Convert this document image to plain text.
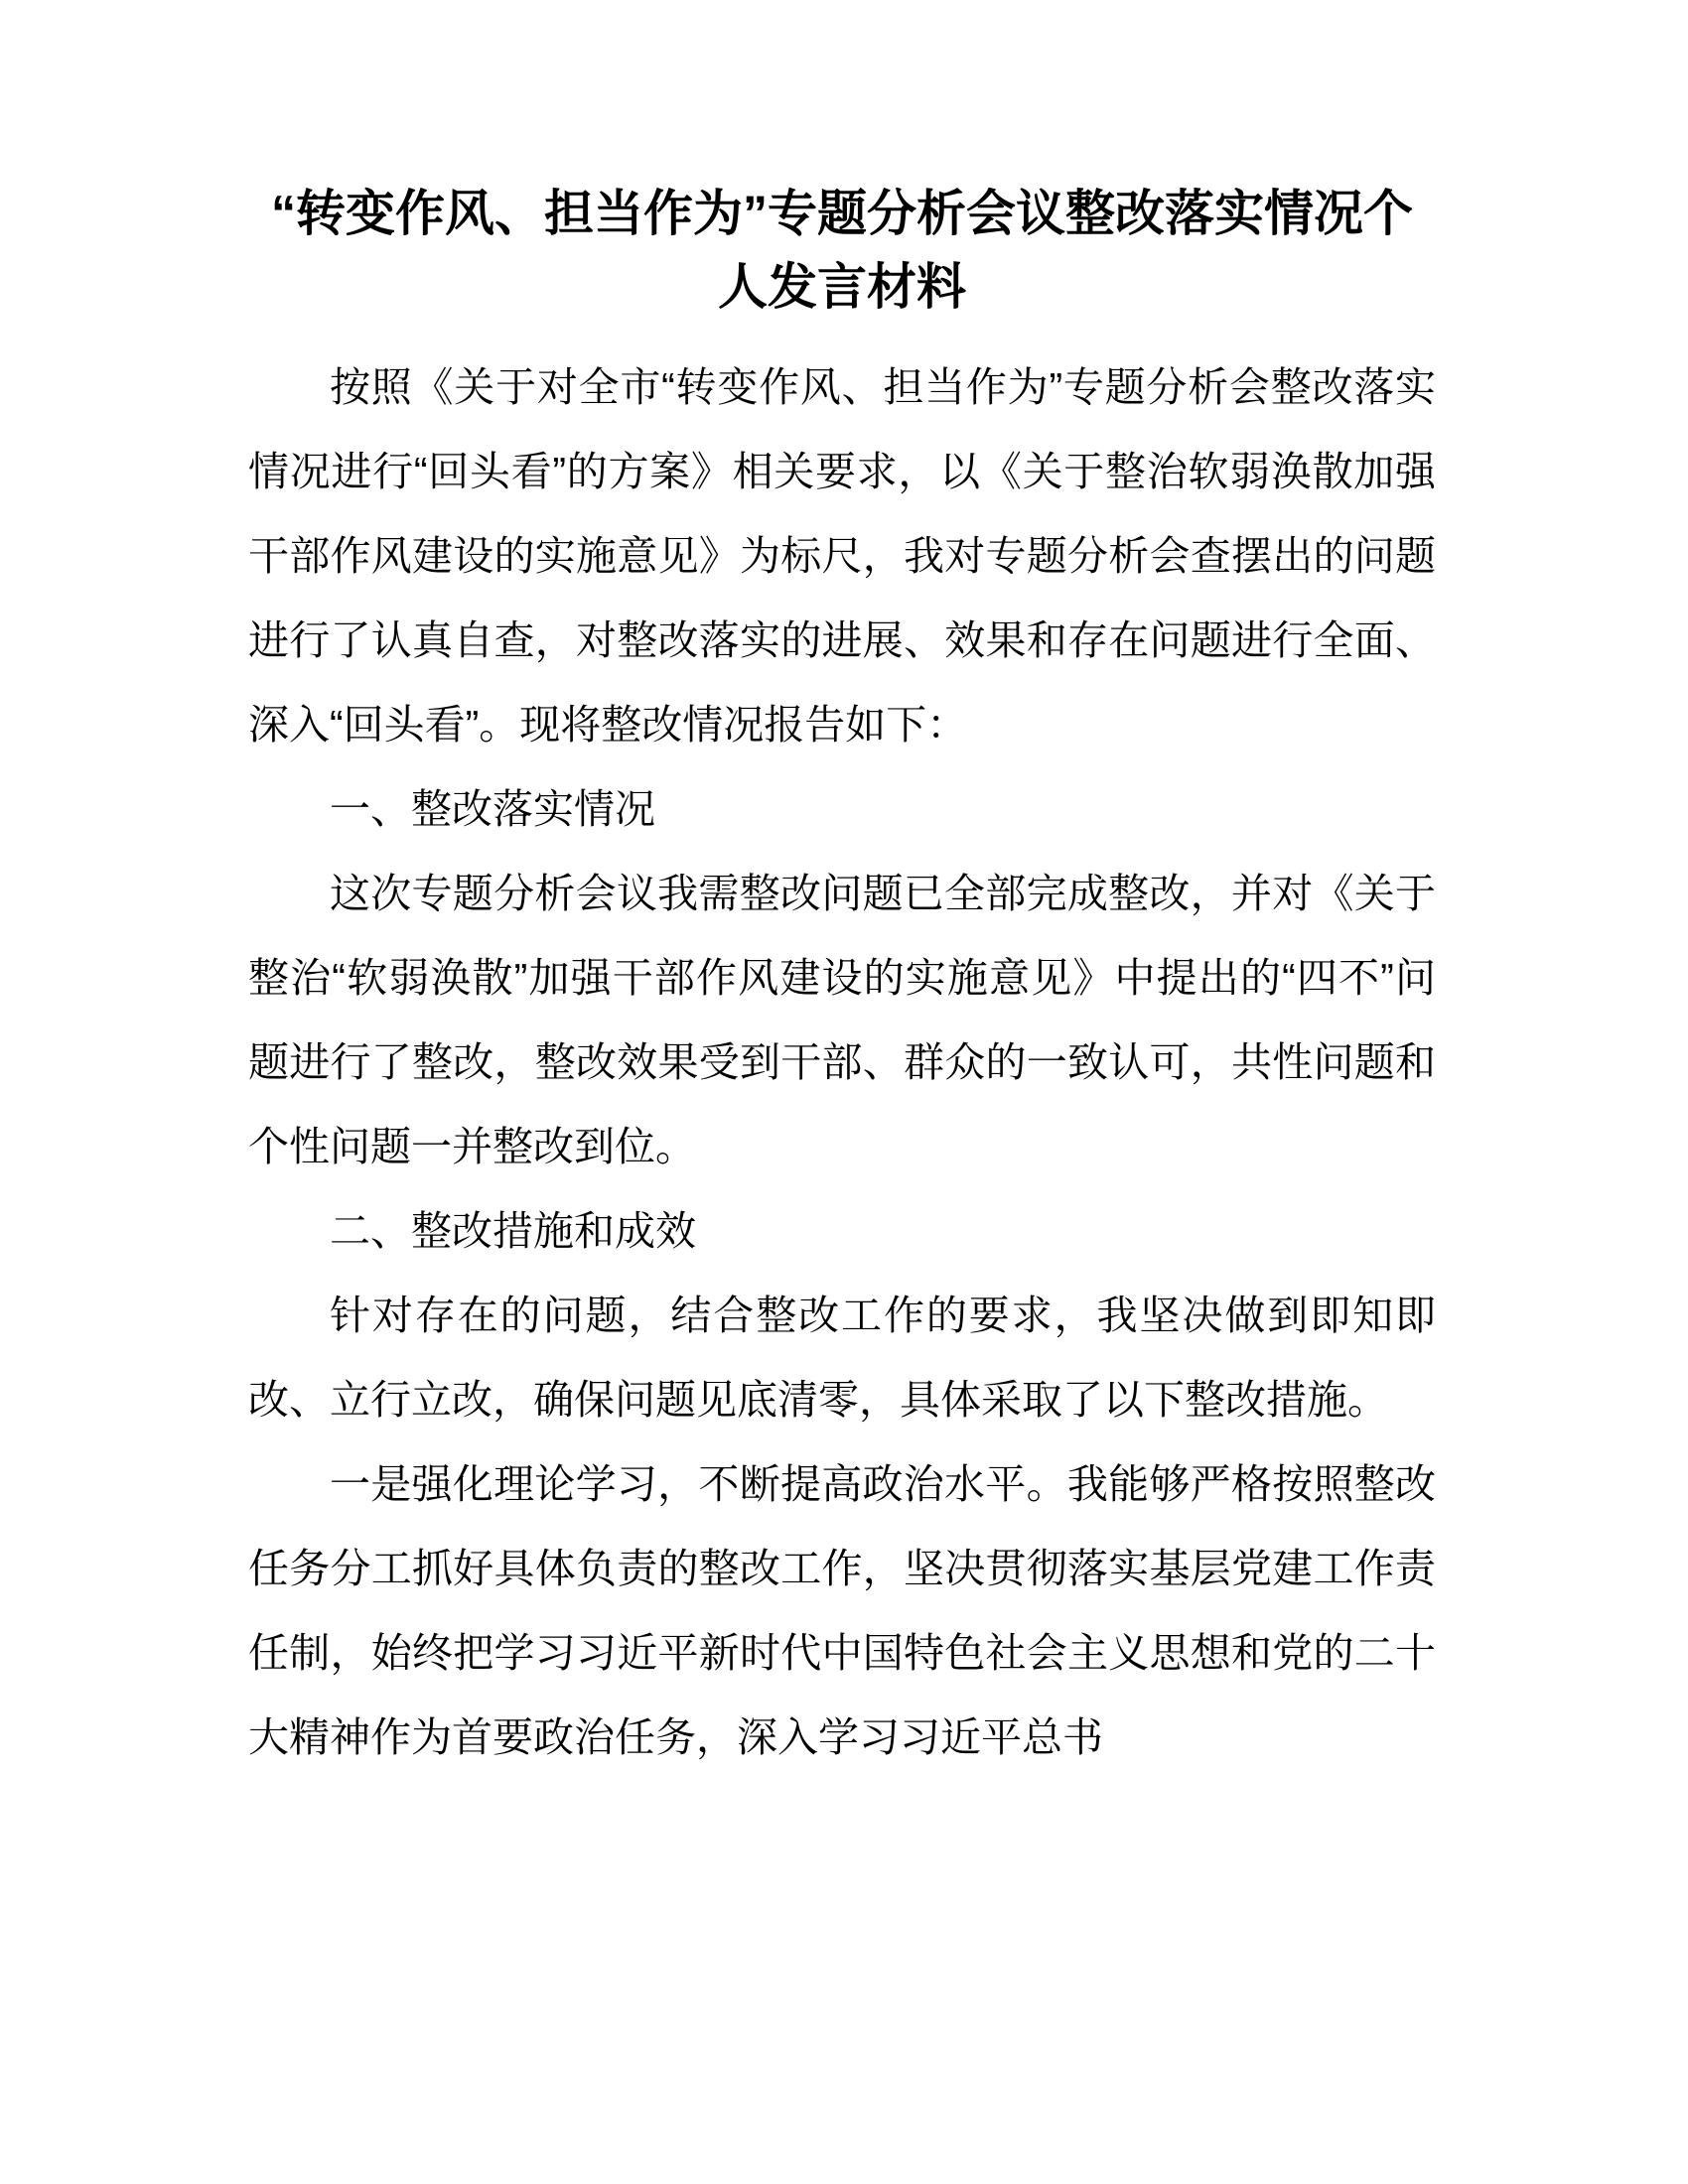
“转变作风、担当作为”专题分析会议整改落实情况个人发言材料

按照《关于对全市“转变作风、担当作为”专题分析会整改落实情况进行“回头看”的方案》相关要求，以《关于整治软弱涣散加强干部作风建设的实施意见》为标尺，我对专题分析会查摆出的问题进行了认真自查，对整改落实的进展、效果和存在问题进行全面、深入“回头看”。现将整改情况报告如下：

一、整改落实情况

这次专题分析会议我需整改问题已全部完成整改，并对《关于整治“软弱涣散”加强干部作风建设的实施意见》中提出的“四不”问题进行了整改，整改效果受到干部、群众的一致认可，共性问题和个性问题一并整改到位。

二、整改措施和成效

针对存在的问题，结合整改工作的要求，我坚决做到即知即改、立行立改，确保问题见底清零，具体采取了以下整改措施。

一是强化理论学习，不断提高政治水平。我能够严格按照整改任务分工抓好具体负责的整改工作，坚决贯彻落实基层党建工作责任制，始终把学习习近平新时代中国特色社会主义思想和党的二十大精神作为首要政治任务，深入学习习近平总书
